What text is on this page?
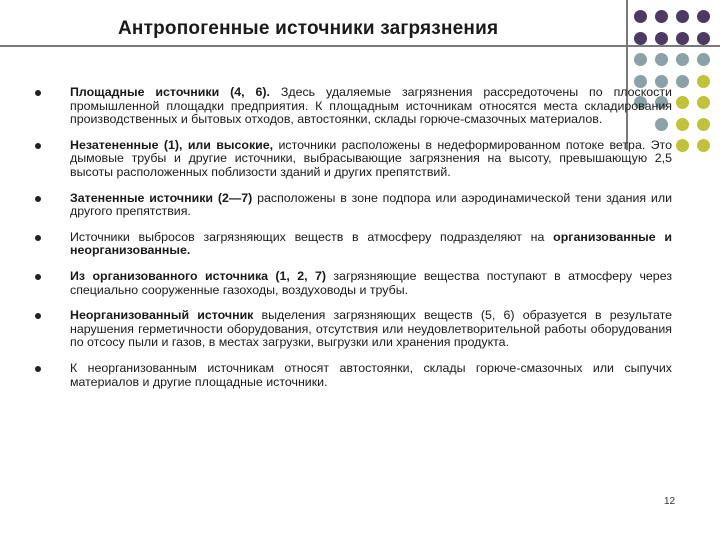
Антропогенные источники загрязнения
Площадные источники (4, 6). Здесь удаляемые загрязнения рассредоточены по плоскости промышленной площадки предприятия. К площадным источникам относятся места складирования производственных и бытовых отходов, автостоянки, склады горюче-смазочных материалов.
Незатененные (1), или высокие, источники расположены в недеформированном потоке ветра. Это дымовые трубы и другие источники, выбрасывающие загрязнения на высоту, превышающую 2,5 высоты расположенных поблизости зданий и других препятствий.
Затененные источники (2—7) расположены в зоне подпора или аэродинамической тени здания или другого препятствия.
Источники выбросов загрязняющих веществ в атмосферу подразделяют на организованные и неорганизованные.
Из организованного источника (1, 2, 7) загрязняющие вещества поступают в атмосферу через специально сооруженные газоходы, воздуховоды и трубы.
Неорганизованный источник выделения загрязняющих веществ (5, 6) образуется в результате нарушения герметичности оборудования, отсутствия или неудовлетворительной работы оборудования по отсосу пыли и газов, в местах загрузки, выгрузки или хранения продукта.
К неорганизованным источникам относят автостоянки, склады горюче-смазочных или сыпучих материалов и другие площадные источники.
12
